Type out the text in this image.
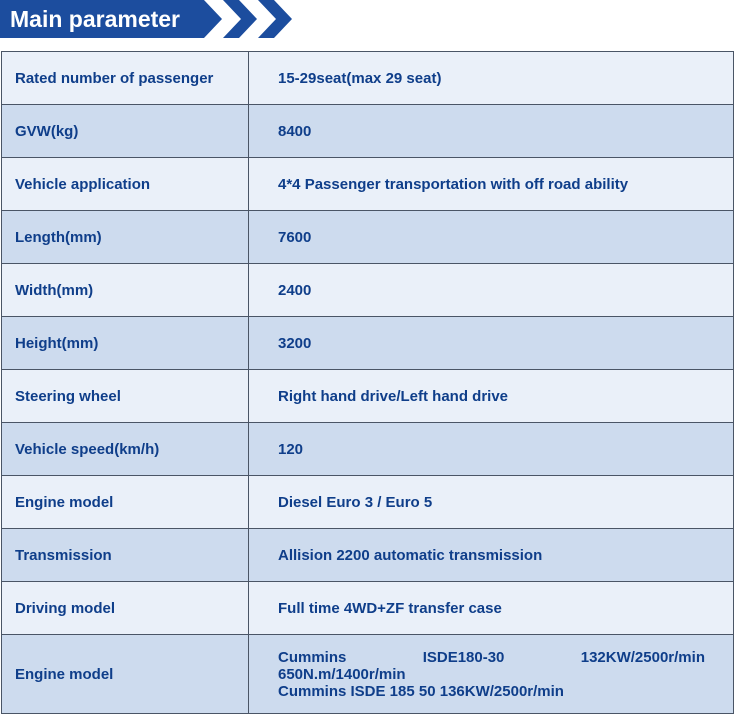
Main parameter
Rated number of passenger	15-29seat(max 29 seat)
GVW(kg)	8400
Vehicle application	4*4 Passenger transportation with off road ability
Length(mm)	7600
Width(mm)	2400
Height(mm)	3200
Steering wheel	Right hand drive/Left hand drive
Vehicle speed(km/h)	120
Engine model	Diesel Euro 3 / Euro 5
Transmission	Allision 2200 automatic transmission
Driving model	Full time 4WD+ZF transfer case
Engine model	Cummins ISDE180-30 132KW/2500r/min
650N.m/1400r/min
Cummins ISDE 185 50 136KW/2500r/min
